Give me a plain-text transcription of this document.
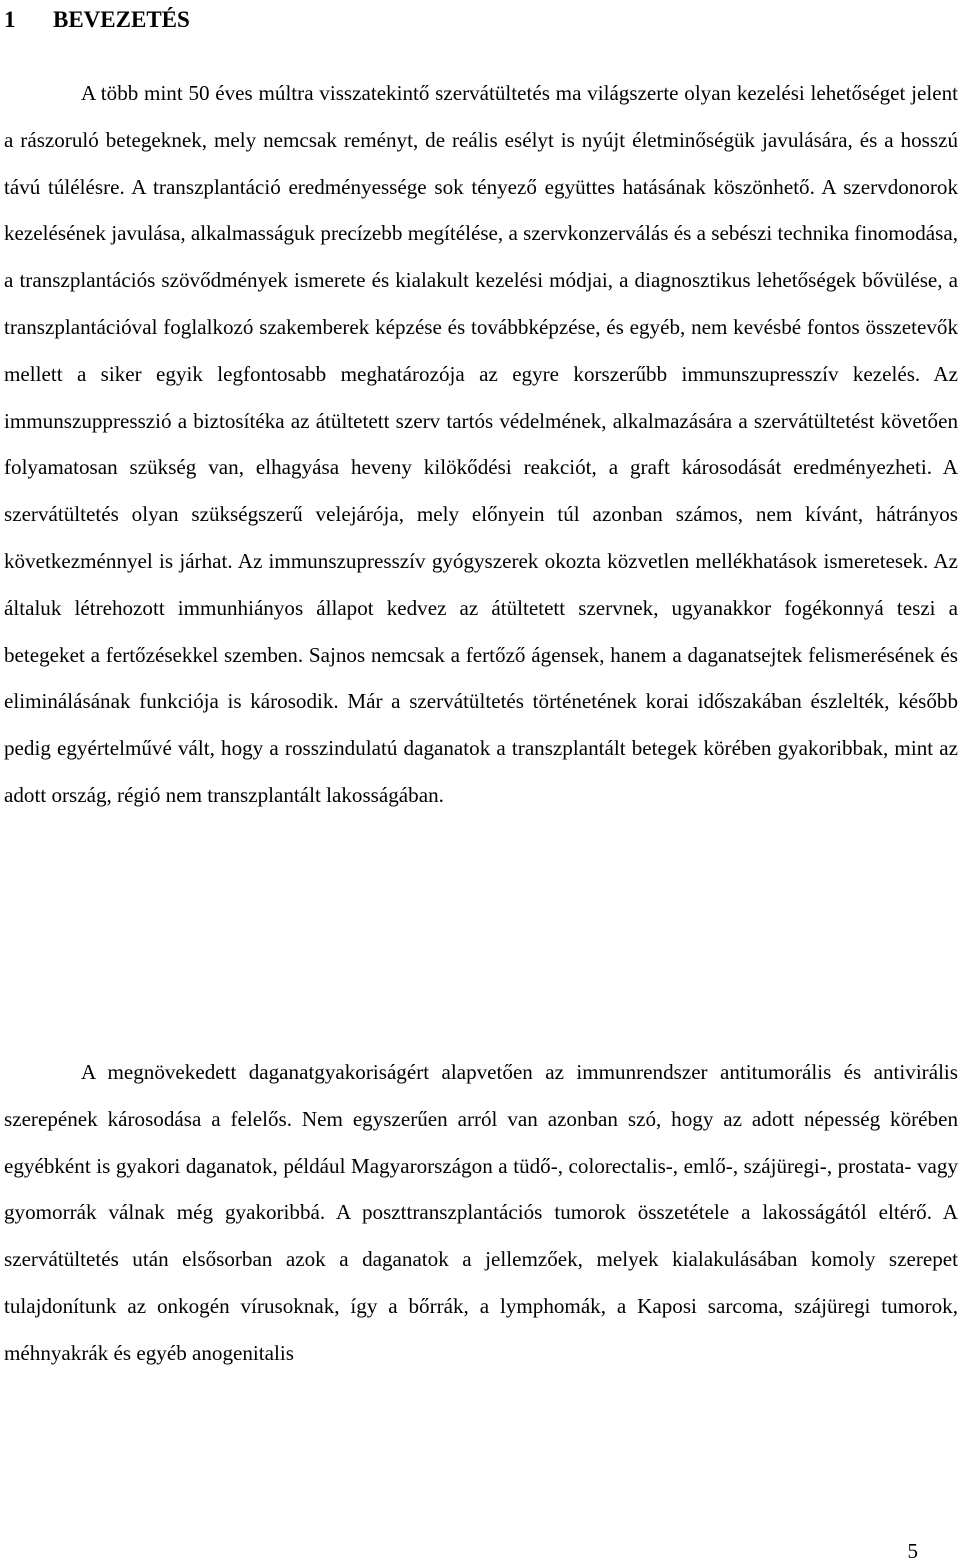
1 BEVEZETÉS

A több mint 50 éves múltra visszatekintő szervátültetés ma világszerte olyan kezelési lehetőséget jelent a rászoruló betegeknek, mely nemcsak reményt, de reális esélyt is nyújt életminőségük javulására, és a hosszú távú túlélésre. A transzplantáció eredményessége sok tényező együttes hatásának köszönhető. A szervdonorok kezelésének javulása, alkalmasságuk precízebb megítélése, a szervkonzerválás és a sebészi technika finomodása, a transzplantációs szövődmények ismerete és kialakult kezelési módjai, a diagnosztikus lehetőségek bővülése, a transzplantációval foglalkozó szakemberek képzése és továbbképzése, és egyéb, nem kevésbé fontos összetevők mellett a siker egyik legfontosabb meghatározója az egyre korszerűbb immunszupresszív kezelés. Az immunszuppresszió a biztosítéka az átültetett szerv tartós védelmének, alkalmazására a szervátültetést követően folyamatosan szükség van, elhagyása heveny kilökődési reakciót, a graft károsodását eredményezheti. A szervátültetés olyan szükségszerű velejárója, mely előnyein túl azonban számos, nem kívánt, hátrányos következménnyel is járhat. Az immunszupresszív gyógyszerek okozta közvetlen mellékhatások ismeretesek. Az általuk létrehozott immunhiányos állapot kedvez az átültetett szervnek, ugyanakkor fogékonnyá teszi a betegeket a fertőzésekkel szemben. Sajnos nemcsak a fertőző ágensek, hanem a daganatsejtek felismerésének és eliminálásának funkciója is károsodik. Már a szervátültetés történetének korai időszakában észlelték, később pedig egyértelművé vált, hogy a rosszindulatú daganatok a transzplantált betegek körében gyakoribbak, mint az adott ország, régió nem transzplantált lakosságában.

A megnövekedett daganatgyakoriságért alapvetően az immunrendszer antitumorális és antivirális szerepének károsodása a felelős. Nem egyszerűen arról van azonban szó, hogy az adott népesség körében egyébként is gyakori daganatok, például Magyarországon a tüdő-, colorectalis-, emlő-, szájüregi-, prostata- vagy gyomorrák válnak még gyakoribbá. A poszttranszplantációs tumorok összetétele a lakosságától eltérő. A szervátültetés után elsősorban azok a daganatok a jellemzőek, melyek kialakulásában komoly szerepet tulajdonítunk az onkogén vírusoknak, így a bőrrák, a lymphomák, a Kaposi sarcoma, szájüregi tumorok, méhnyakrák és egyéb anogenitalis

5
